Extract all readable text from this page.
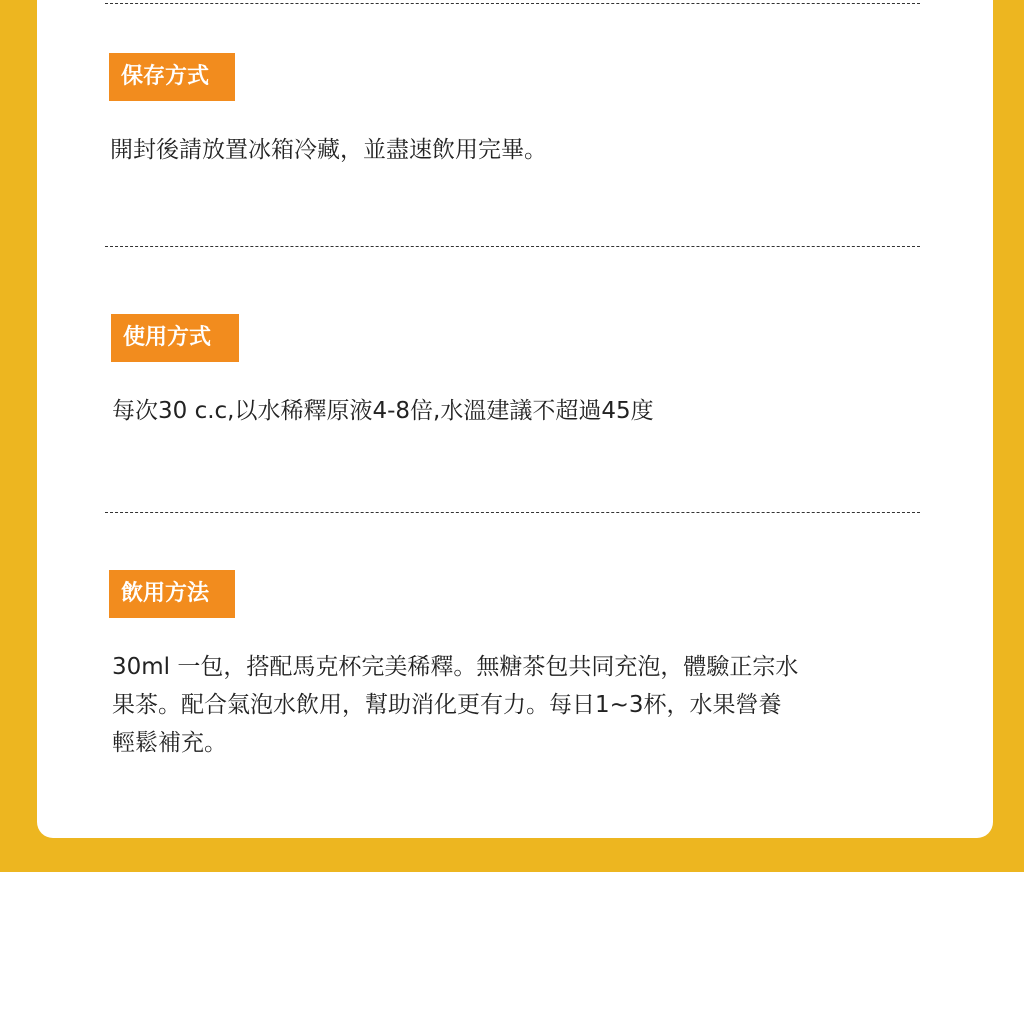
保存方式
開封後請放置冰箱冷藏，並盡速飲用完畢。
使用方式
每次30 c.c,以水稀釋原液4-8倍,水溫建議不超過45度
飲用方法
30ml 一包，搭配馬克杯完美稀釋。無糖茶包共同充泡，體驗正宗水
果茶。配合氣泡水飲用，幫助消化更有力。每日1~3杯，水果營養
輕鬆補充。
